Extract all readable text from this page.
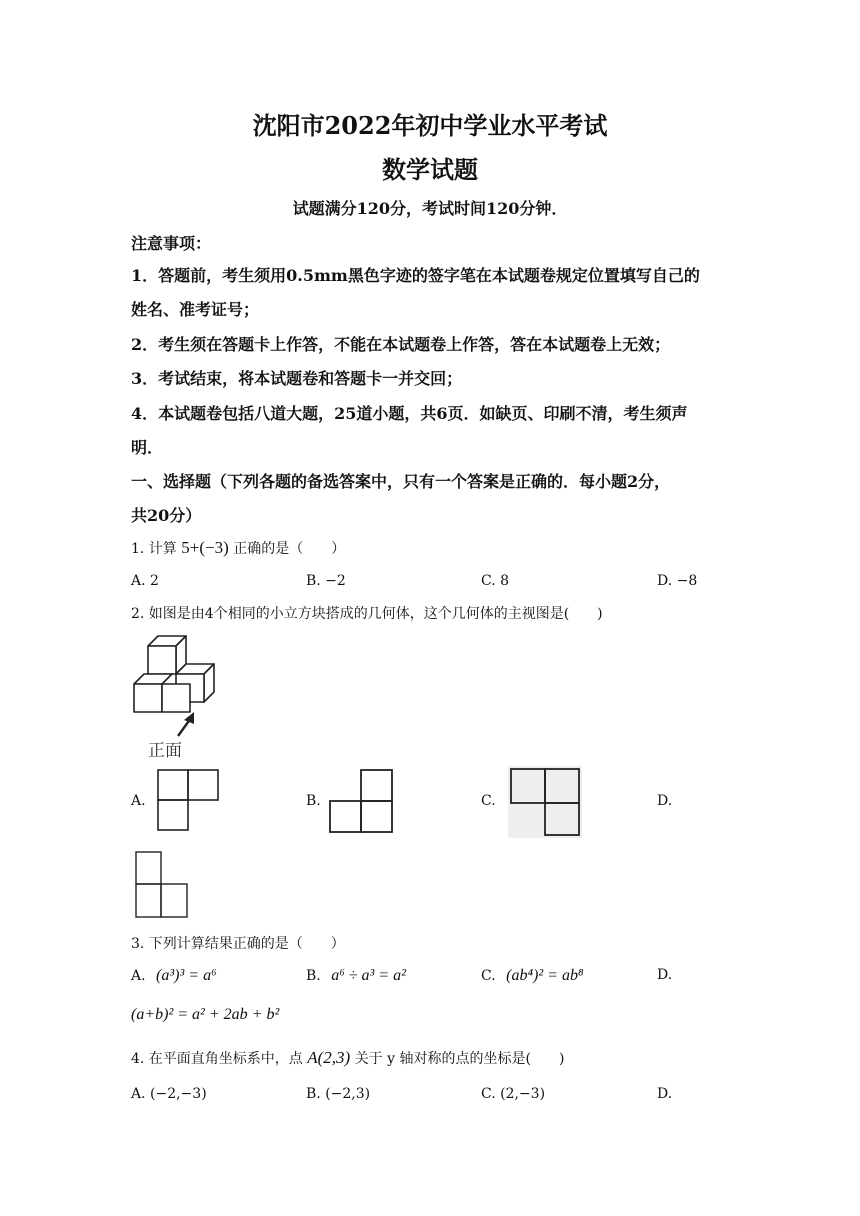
沈阳市2022年初中学业水平考试
数学试题
试题满分120分，考试时间120分钟．
注意事项：
1．答题前，考生须用0.5mm黑色字迹的签字笔在本试题卷规定位置填写自己的
姓名、准考证号；
2．考生须在答题卡上作答，不能在本试题卷上作答，答在本试题卷上无效；
3．考试结束，将本试题卷和答题卡一并交回；
4．本试题卷包括八道大题，25道小题，共6页．如缺页、印刷不清，考生须声
明．
一、选择题（下列各题的备选答案中，只有一个答案是正确的．每小题2分，
共20分）
1. 计算 5+(−3) 正确的是（　　）
A. 2	B. −2	C. 8	D. −8
2. 如图是由4个相同的小立方块搭成的几何体，这个几何体的主视图是(　　)
正面
A.	B.	C.	D.
3. 下列计算结果正确的是（　　）
A. (a³)³ = a⁶	B. a⁶ ÷ a³ = a²	C. (ab⁴)² = ab⁸	D.
(a+b)² = a² + 2ab + b²
4. 在平面直角坐标系中，点 A(2,3) 关于 y 轴对称的点的坐标是(　　)
A. (−2,−3)	B. (−2,3)	C. (2,−3)	D.
